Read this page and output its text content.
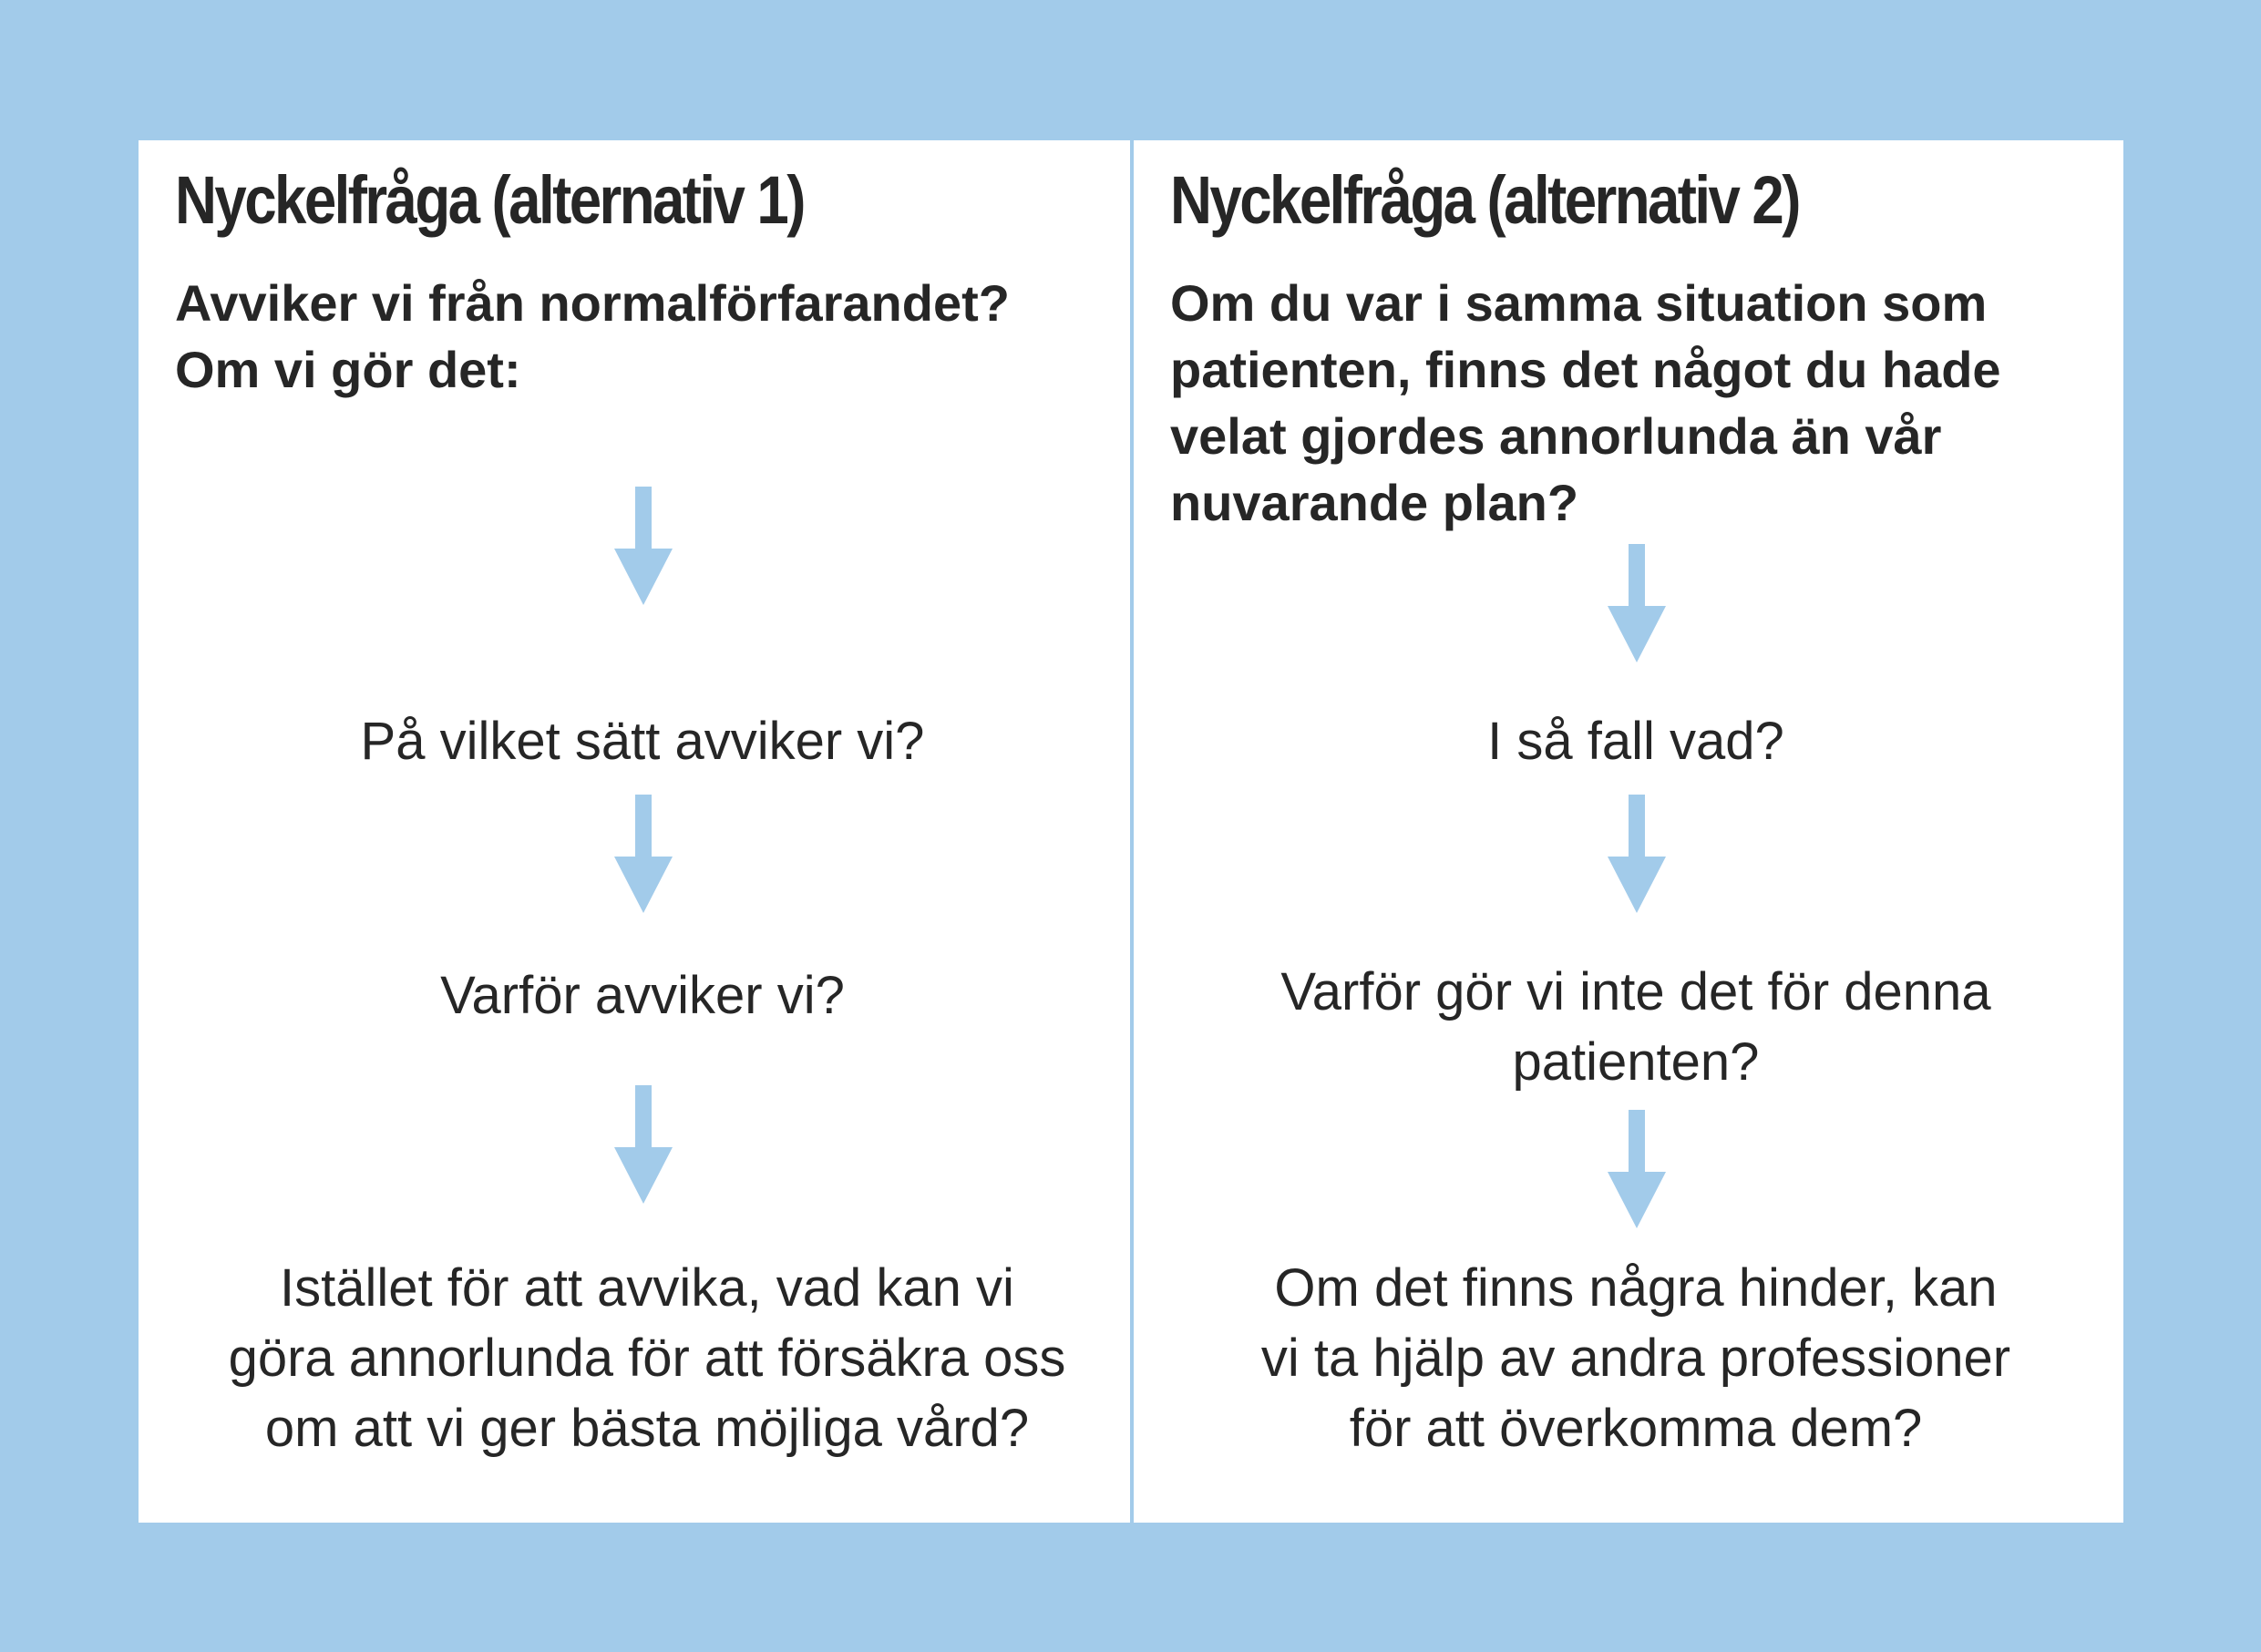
Nyckelfråga (alternativ 1)

Avviker vi från normalförfarandet?
Om vi gör det:

På vilket sätt avviker vi?

Varför avviker vi?

Istället för att avvika, vad kan vi
göra annorlunda för att försäkra oss
om att vi ger bästa möjliga vård?

Nyckelfråga (alternativ 2)

Om du var i samma situation som
patienten, finns det något du hade
velat gjordes annorlunda än vår
nuvarande plan?

I så fall vad?

Varför gör vi inte det för denna
patienten?

Om det finns några hinder, kan
vi ta hjälp av andra professioner
för att överkomma dem?
